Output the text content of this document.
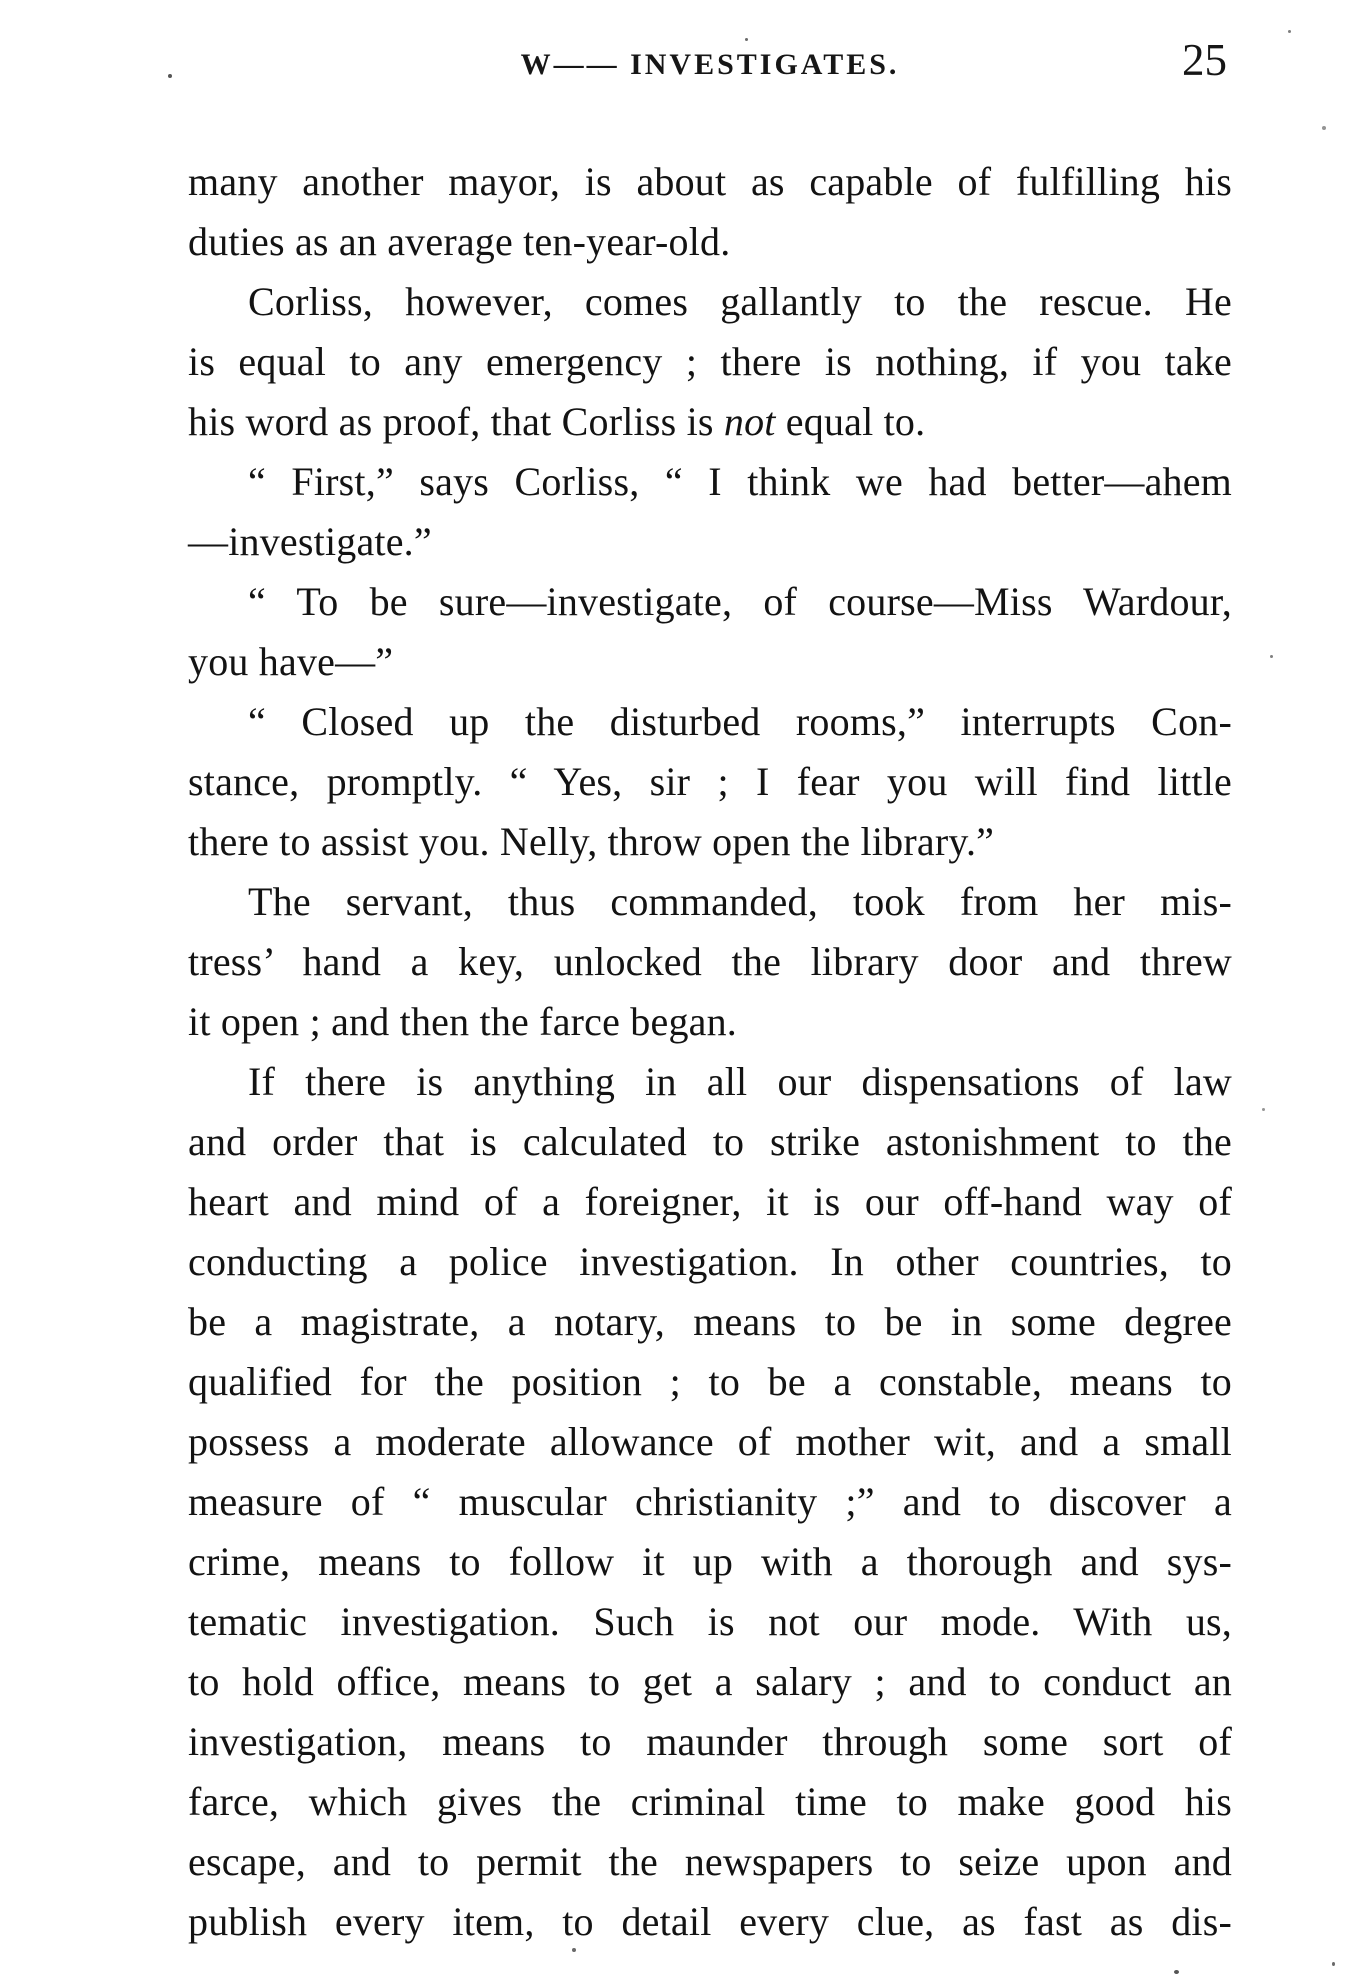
W—— INVESTIGATES.	25
many another mayor, is about as capable of fulfilling his
duties as an average ten-year-old.
Corliss, however, comes gallantly to the rescue. He
is equal to any emergency ; there is nothing, if you take
his word as proof, that Corliss is not equal to.
“ First,” says Corliss, “ I think we had better—ahem
—investigate.”
“ To be sure—investigate, of course—Miss Wardour,
you have—”
“ Closed up the disturbed rooms,” interrupts Con-
stance, promptly. “ Yes, sir ; I fear you will find little
there to assist you. Nelly, throw open the library.”
The servant, thus commanded, took from her mis-
tress’ hand a key, unlocked the library door and threw
it open ; and then the farce began.
If there is anything in all our dispensations of law
and order that is calculated to strike astonishment to the
heart and mind of a foreigner, it is our off-hand way of
conducting a police investigation. In other countries, to
be a magistrate, a notary, means to be in some degree
qualified for the position ; to be a constable, means to
possess a moderate allowance of mother wit, and a small
measure of “ muscular christianity ;” and to discover a
crime, means to follow it up with a thorough and sys-
tematic investigation. Such is not our mode. With us,
to hold office, means to get a salary ; and to conduct an
investigation, means to maunder through some sort of
farce, which gives the criminal time to make good his
escape, and to permit the newspapers to seize upon and
publish every item, to detail every clue, as fast as dis-
